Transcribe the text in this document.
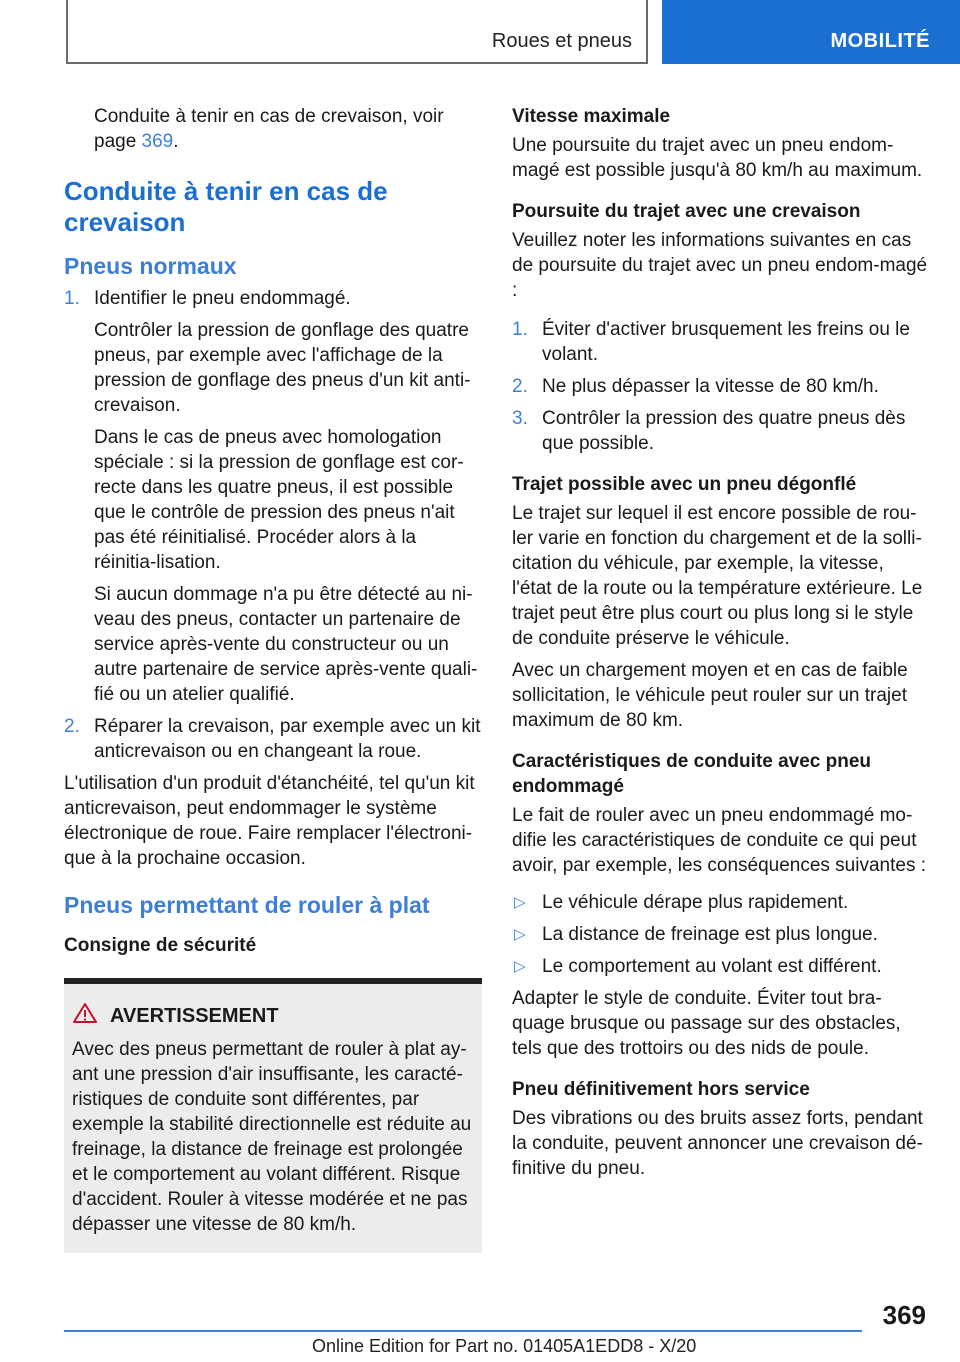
Roues et pneus	MOBILITÉ

Conduite à tenir en cas de crevaison, voir page 369.

Conduite à tenir en cas de crevaison
Pneus normaux
1. Identifier le pneu endommagé.

Contrôler la pression de gonflage des quatre pneus, par exemple avec l'affichage de la pression de gonflage des pneus d'un kit anti‐crevaison.

Dans le cas de pneus avec homologation spéciale : si la pression de gonflage est cor‐recte dans les quatre pneus, il est possible que le contrôle de pression des pneus n'ait pas été réinitialisé. Procéder alors à la réinitia‐lisation.

Si aucun dommage n'a pu être détecté au ni‐veau des pneus, contacter un partenaire de service après-vente du constructeur ou un autre partenaire de service après-vente quali‐fié ou un atelier qualifié.

2. Réparer la crevaison, par exemple avec un kit anticrevaison ou en changeant la roue.

L'utilisation d'un produit d'étanchéité, tel qu'un kit anticrevaison, peut endommager le système électronique de roue. Faire remplacer l'électroni‐que à la prochaine occasion.

Pneus permettant de rouler à plat
Consigne de sécurité
AVERTISSEMENT

Avec des pneus permettant de rouler à plat ay‐ant une pression d'air insuffisante, les caracté‐ristiques de conduite sont différentes, par exemple la stabilité directionnelle est réduite au freinage, la distance de freinage est prolongée et le comportement au volant différent. Risque d'accident. Rouler à vitesse modérée et ne pas dépasser une vitesse de 80 km/h.

Vitesse maximale

Une poursuite du trajet avec un pneu endom‐magé est possible jusqu'à 80 km/h au maximum.

Poursuite du trajet avec une crevaison

Veuillez noter les informations suivantes en cas de poursuite du trajet avec un pneu endom‐magé :

1. Éviter d'activer brusquement les freins ou le volant.
2. Ne plus dépasser la vitesse de 80 km/h.
3. Contrôler la pression des quatre pneus dès que possible.
Trajet possible avec un pneu dégonflé

Le trajet sur lequel il est encore possible de rou‐ler varie en fonction du chargement et de la solli‐citation du véhicule, par exemple, la vitesse, l'état de la route ou la température extérieure. Le trajet peut être plus court ou plus long si le style de conduite préserve le véhicule.

Avec un chargement moyen et en cas de faible sollicitation, le véhicule peut rouler sur un trajet maximum de 80 km.

Caractéristiques de conduite avec pneu endommagé

Le fait de rouler avec un pneu endommagé mo‐difie les caractéristiques de conduite ce qui peut avoir, par exemple, les conséquences suivantes :

▷ Le véhicule dérape plus rapidement.
▷ La distance de freinage est plus longue.
▷ Le comportement au volant est différent.

Adapter le style de conduite. Éviter tout bra‐quage brusque ou passage sur des obstacles, tels que des trottoirs ou des nids de poule.

Pneu définitivement hors service

Des vibrations ou des bruits assez forts, pendant la conduite, peuvent annoncer une crevaison dé‐finitive du pneu.

369
Online Edition for Part no. 01405A1EDD8 - X/20
